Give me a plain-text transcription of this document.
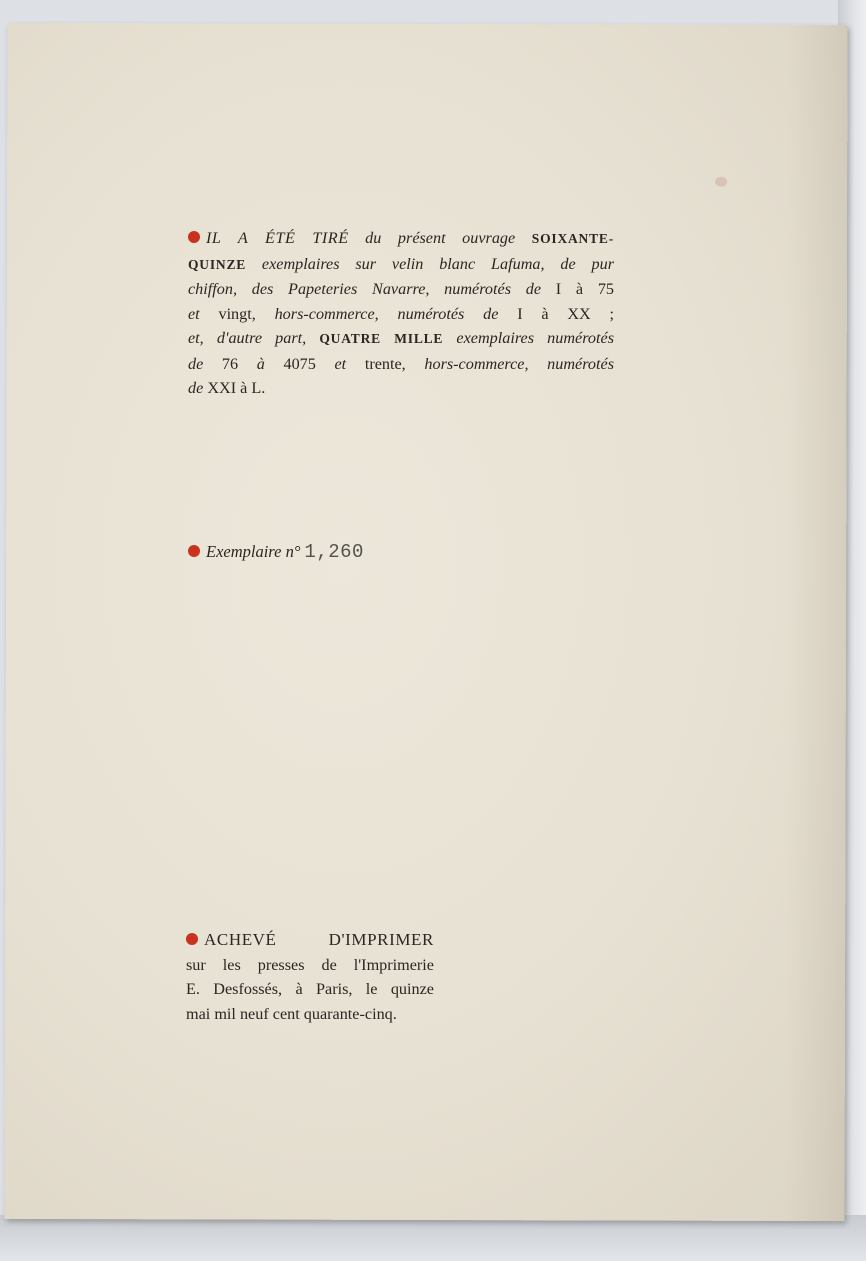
IL A ÉTÉ TIRÉ du présent ouvrage SOIXANTE-
QUINZE exemplaires sur velin blanc Lafuma, de pur
chiffon, des Papeteries Navarre, numérotés de I à 75
et vingt, hors-commerce, numérotés de I à XX ;
et, d'autre part, QUATRE MILLE exemplaires numérotés
de 76 à 4075 et trente, hors-commerce, numérotés
de XXI à L.
Exemplaire n° 1,260
ACHEVÉ D'IMPRIMER
sur les presses de l'Imprimerie
E. Desfossés, à Paris, le quinze
mai mil neuf cent quarante-cinq.
